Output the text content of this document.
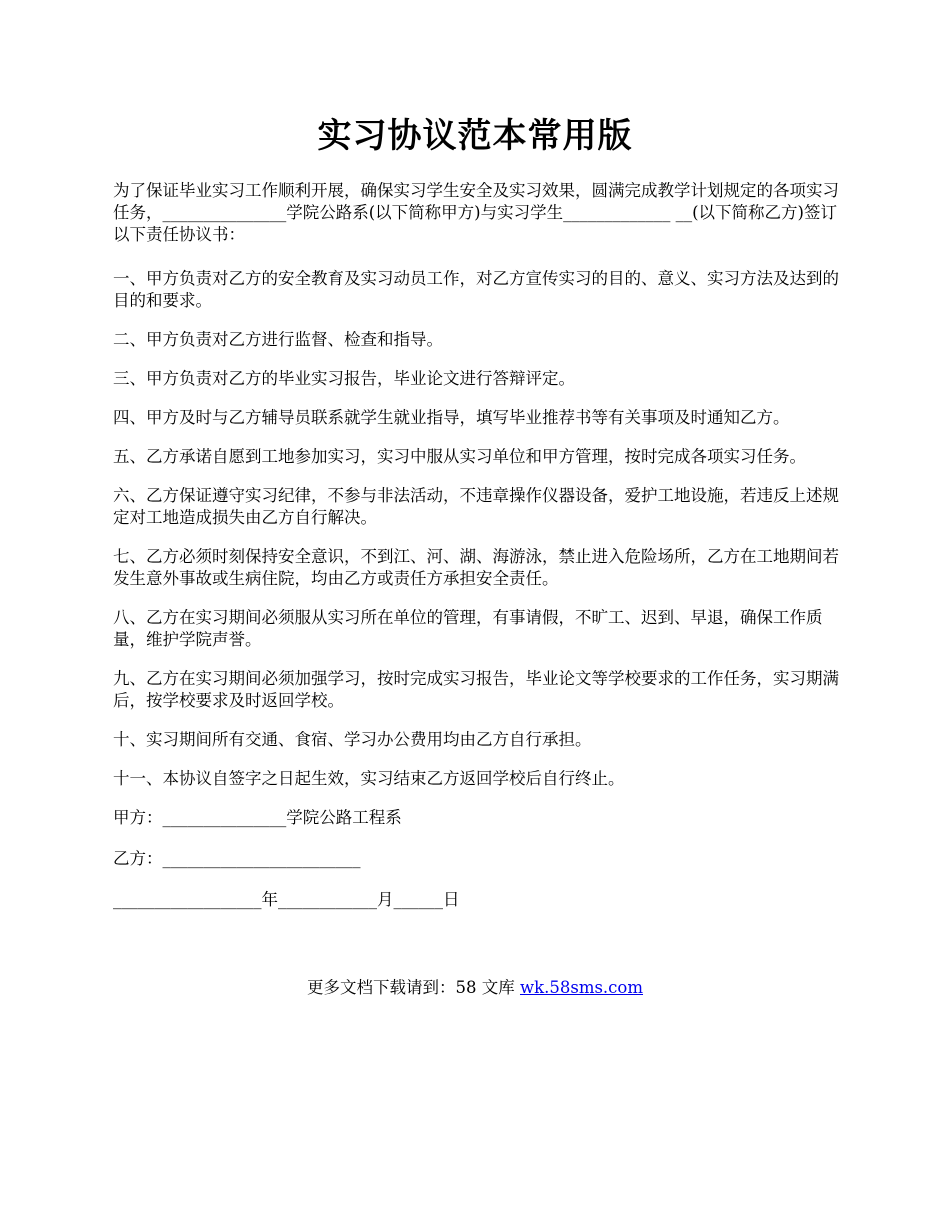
实习协议范本常用版

为了保证毕业实习工作顺利开展，确保实习学生安全及实习效果，圆满完成教学计划规定的各项实习任务，_______________学院公路系(以下简称甲方)与实习学生_____________ __(以下简称乙方)签订以下责任协议书：

一、甲方负责对乙方的安全教育及实习动员工作，对乙方宣传实习的目的、意义、实习方法及达到的目的和要求。

二、甲方负责对乙方进行监督、检查和指导。

三、甲方负责对乙方的毕业实习报告，毕业论文进行答辩评定。

四、甲方及时与乙方辅导员联系就学生就业指导，填写毕业推荐书等有关事项及时通知乙方。

五、乙方承诺自愿到工地参加实习，实习中服从实习单位和甲方管理，按时完成各项实习任务。

六、乙方保证遵守实习纪律，不参与非法活动，不违章操作仪器设备，爱护工地设施，若违反上述规定对工地造成损失由乙方自行解决。

七、乙方必须时刻保持安全意识，不到江、河、湖、海游泳，禁止进入危险场所，乙方在工地期间若发生意外事故或生病住院，均由乙方或责任方承担安全责任。

八、乙方在实习期间必须服从实习所在单位的管理，有事请假，不旷工、迟到、早退，确保工作质量，维护学院声誉。

九、乙方在实习期间必须加强学习，按时完成实习报告，毕业论文等学校要求的工作任务，实习期满后，按学校要求及时返回学校。

十、实习期间所有交通、食宿、学习办公费用均由乙方自行承担。

十一、本协议自签字之日起生效，实习结束乙方返回学校后自行终止。

甲方：_______________学院公路工程系
乙方：________________________
__________________年____________月______日
更多文档下载请到：58 文库 wk.58sms.com
